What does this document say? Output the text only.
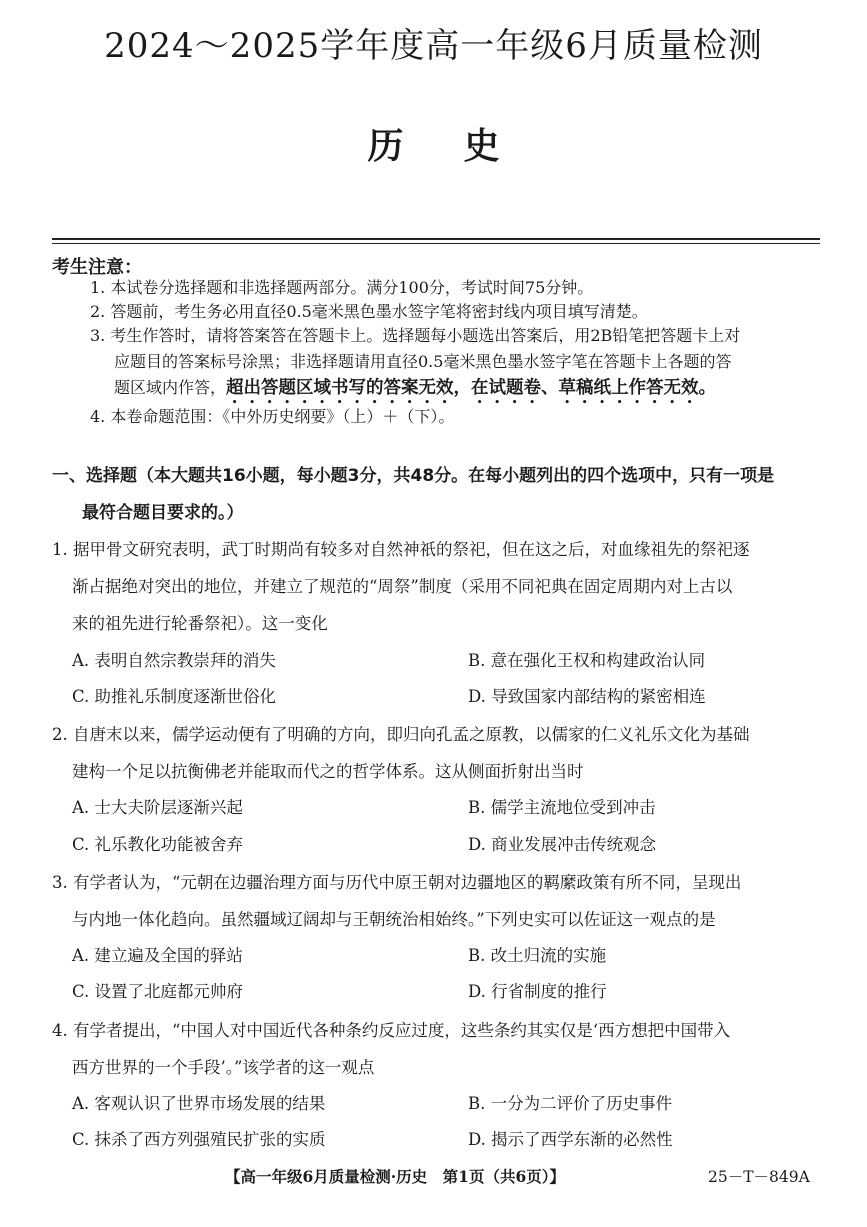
2024～2025学年度高一年级6月质量检测
历史
考生注意：
1. 本试卷分选择题和非选择题两部分。满分100分，考试时间75分钟。
2. 答题前，考生务必用直径0.5毫米黑色墨水签字笔将密封线内项目填写清楚。
3. 考生作答时，请将答案答在答题卡上。选择题每小题选出答案后，用2B铅笔把答题卡上对
应题目的答案标号涂黑；非选择题请用直径0.5毫米黑色墨水签字笔在答题卡上各题的答
题区域内作答，超出答题区域书写的答案无效，在试题卷、草稿纸上作答无效。
4. 本卷命题范围：《中外历史纲要》（上）＋（下）。
一、选择题（本大题共16小题，每小题3分，共48分。在每小题列出的四个选项中，只有一项是
最符合题目要求的。）
1. 据甲骨文研究表明，武丁时期尚有较多对自然神祇的祭祀，但在这之后，对血缘祖先的祭祀逐
渐占据绝对突出的地位，并建立了规范的“周祭”制度（采用不同祀典在固定周期内对上古以
来的祖先进行轮番祭祀）。这一变化
A. 表明自然宗教崇拜的消失	B. 意在强化王权和构建政治认同
C. 助推礼乐制度逐渐世俗化	D. 导致国家内部结构的紧密相连
2. 自唐末以来，儒学运动便有了明确的方向，即归向孔孟之原教，以儒家的仁义礼乐文化为基础
建构一个足以抗衡佛老并能取而代之的哲学体系。这从侧面折射出当时
A. 士大夫阶层逐渐兴起	B. 儒学主流地位受到冲击
C. 礼乐教化功能被舍弃	D. 商业发展冲击传统观念
3. 有学者认为，“元朝在边疆治理方面与历代中原王朝对边疆地区的羁縻政策有所不同，呈现出
与内地一体化趋向。虽然疆域辽阔却与王朝统治相始终。”下列史实可以佐证这一观点的是
A. 建立遍及全国的驿站	B. 改土归流的实施
C. 设置了北庭都元帅府	D. 行省制度的推行
4. 有学者提出，“中国人对中国近代各种条约反应过度，这些条约其实仅是‘西方想把中国带入
西方世界的一个手段’。”该学者的这一观点
A. 客观认识了世界市场发展的结果	B. 一分为二评价了历史事件
C. 抹杀了西方列强殖民扩张的实质	D. 揭示了西学东渐的必然性
【高一年级6月质量检测·历史　第1页（共6页）】	25－T－849A
